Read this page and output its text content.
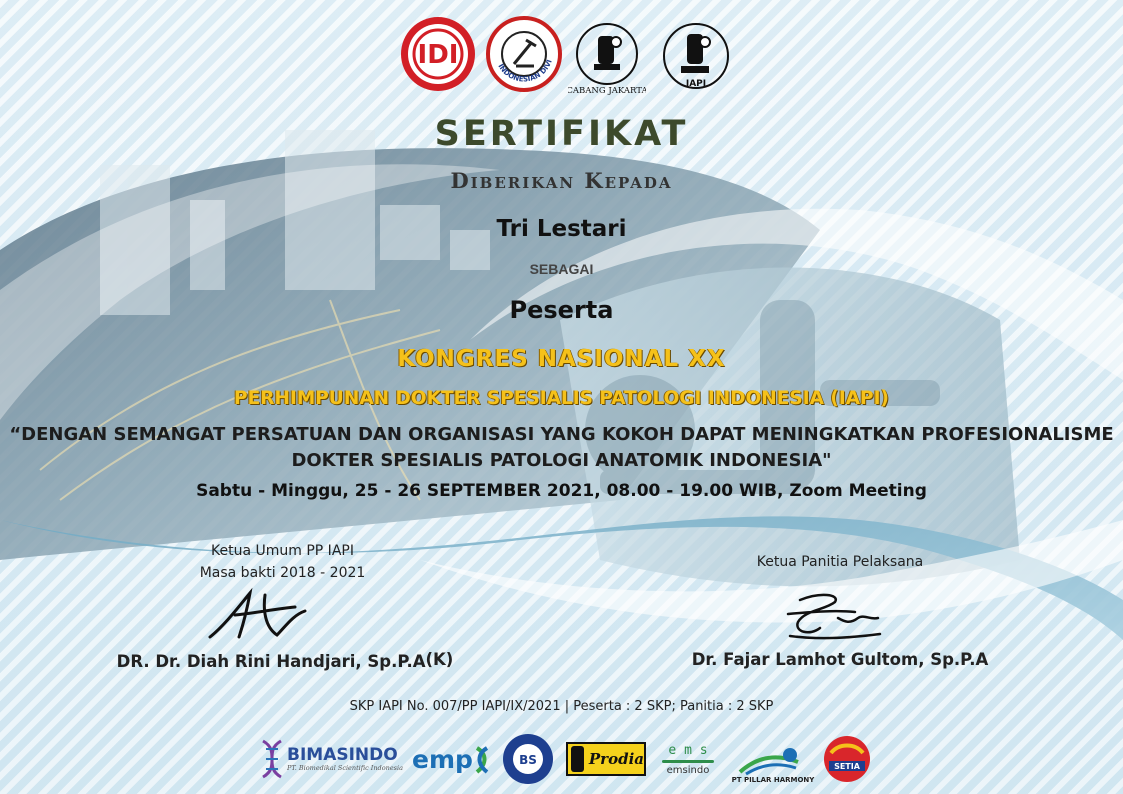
IDI	INDONESIAN DIVI
CABANG JAKARTA
IAPI
SERTIFIKAT
Diberikan Kepada
Tri Lestari
SEBAGAI
Peserta
KONGRES NASIONAL XX
PERHIMPUNAN DOKTER SPESIALIS PATOLOGI INDONESIA (IAPI)
“DENGAN SEMANGAT PERSATUAN DAN ORGANISASI YANG KOKOH DAPAT MENINGKATKAN PROFESIONALISME
DOKTER SPESIALIS PATOLOGI ANATOMIK INDONESIA"
Sabtu - Minggu, 25 - 26 SEPTEMBER 2021, 08.00 - 19.00 WIB, Zoom Meeting
Ketua Umum PP IAPI
Masa bakti 2018 - 2021
DR. Dr. Diah Rini Handjari, Sp.P.A(K)
Ketua Panitia Pelaksana
Dr. Fajar Lamhot Gultom, Sp.P.A
SKP IAPI No. 007/PP IAPI/IX/2021 | Peserta : 2 SKP; Panitia : 2 SKP
BIMASINDO
PT. Biomedikal Scientific Indonesia emp	BS	Prodia e m s
emsindo
PT PILLAR HARMONY
SETIA
